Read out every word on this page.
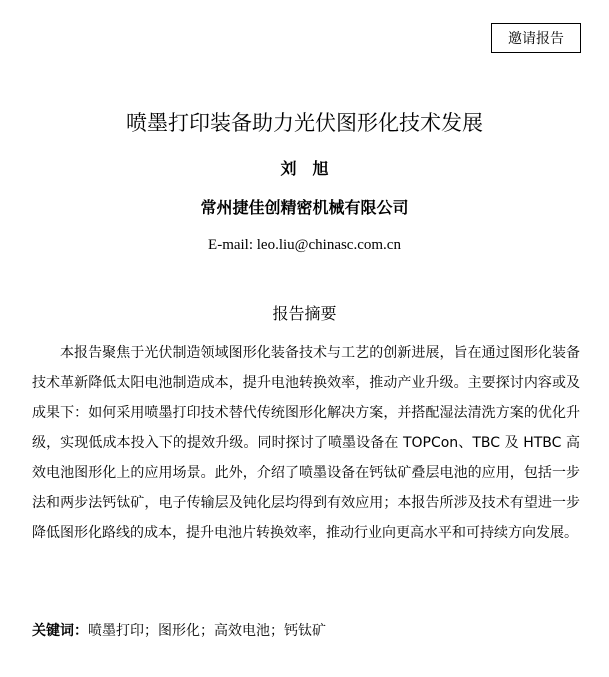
邀请报告
喷墨打印装备助力光伏图形化技术发展
刘旭
常州捷佳创精密机械有限公司
E-mail: leo.liu@chinasc.com.cn
报告摘要

本报告聚焦于光伏制造领域图形化装备技术与工艺的创新进展，旨在通过图形化装备技术革新降低太阳电池制造成本，提升电池转换效率，推动产业升级。主要探讨内容或及成果下：如何采用喷墨打印技术替代传统图形化解决方案，并搭配湿法清洗方案的优化升级，实现低成本投入下的提效升级。同时探讨了喷墨设备在 TOPCon、TBC 及 HTBC 高效电池图形化上的应用场景。此外，介绍了喷墨设备在钙钛矿叠层电池的应用，包括一步法和两步法钙钛矿，电子传输层及钝化层均得到有效应用；本报告所涉及技术有望进一步降低图形化路线的成本，提升电池片转换效率，推动行业向更高水平和可持续方向发展。

关键词：喷墨打印；图形化；高效电池；钙钛矿
